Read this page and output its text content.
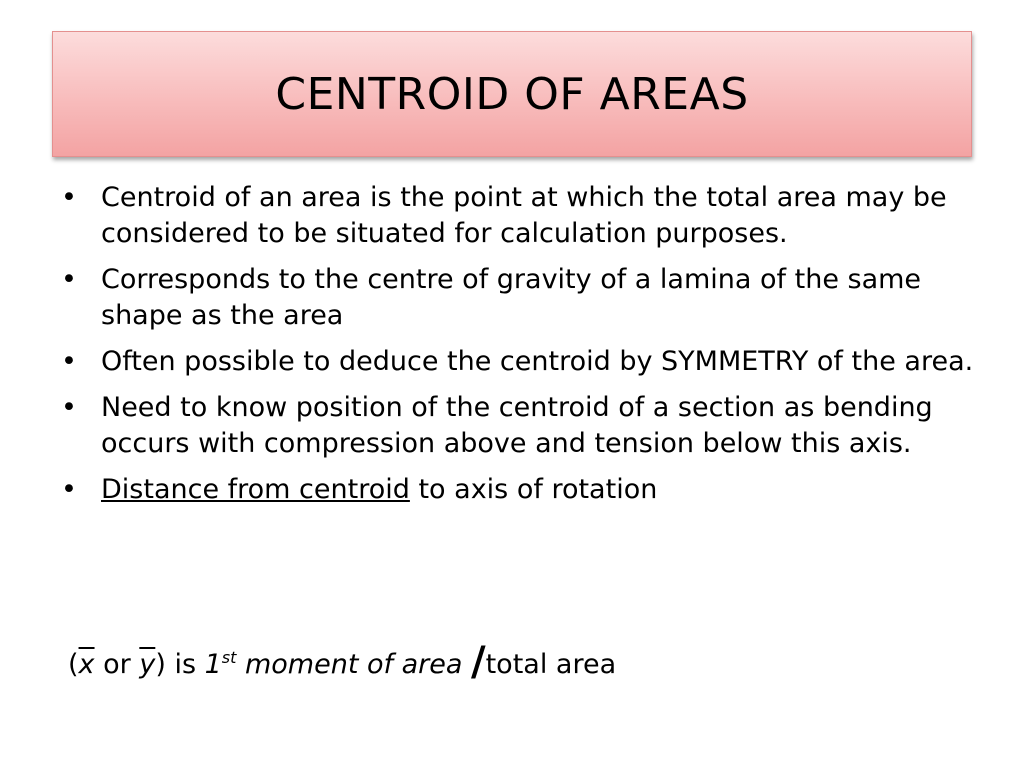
CENTROID OF AREAS
• Centroid of an area is the point at which the total area may be considered to be situated for calculation purposes.
• Corresponds to the centre of gravity of a lamina of the same shape as the area
• Often possible to deduce the centroid by SYMMETRY of the area.
• Need to know position of the centroid of a section as bending occurs with compression above and tension below this axis.
• Distance from centroid to axis of rotation
($\overline{x}$ or $\overline{y}$) is 1st moment of area /total area
